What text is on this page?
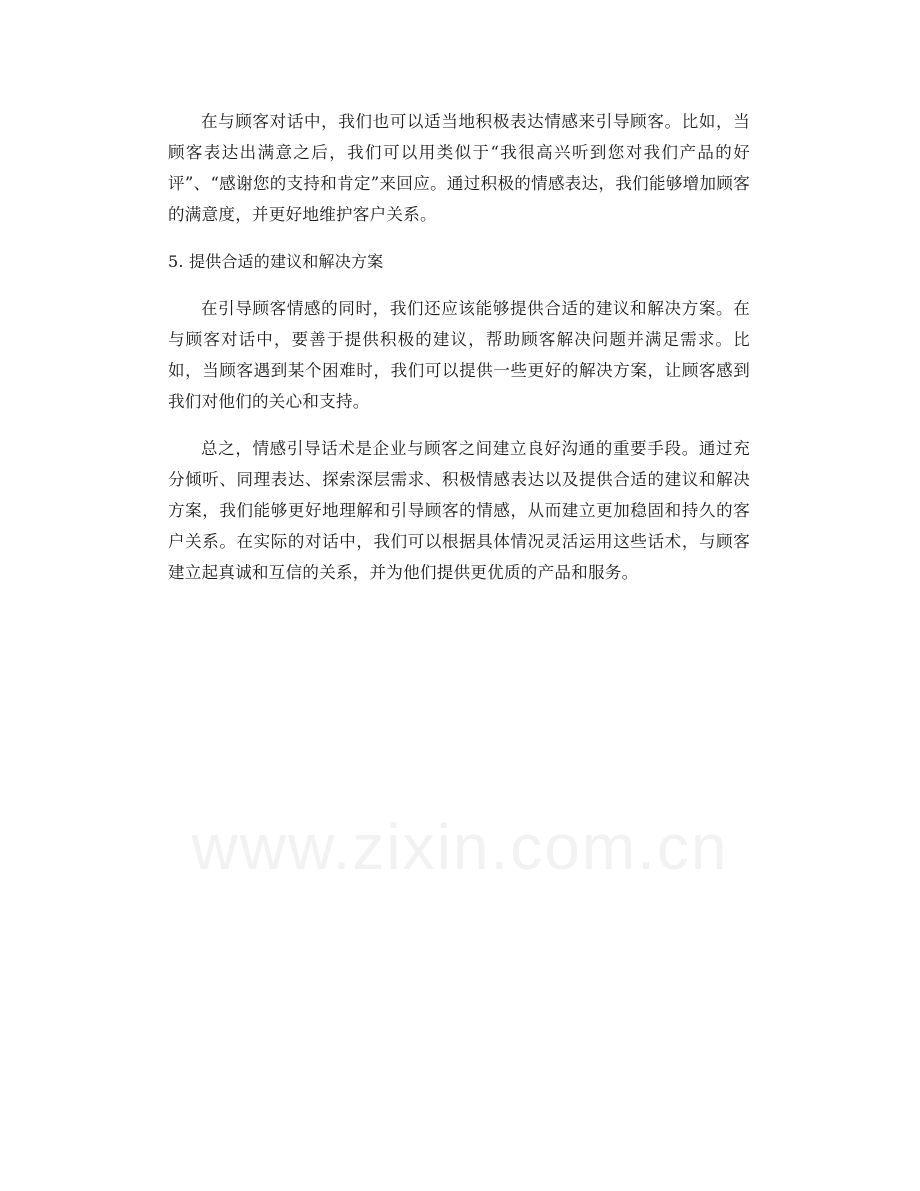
在与顾客对话中，我们也可以适当地积极表达情感来引导顾客。比如，当顾客表达出满意之后，我们可以用类似于“我很高兴听到您对我们产品的好评”、“感谢您的支持和肯定”来回应。通过积极的情感表达，我们能够增加顾客的满意度，并更好地维护客户关系。

5. 提供合适的建议和解决方案

在引导顾客情感的同时，我们还应该能够提供合适的建议和解决方案。在与顾客对话中，要善于提供积极的建议，帮助顾客解决问题并满足需求。比如，当顾客遇到某个困难时，我们可以提供一些更好的解决方案，让顾客感到我们对他们的关心和支持。

总之，情感引导话术是企业与顾客之间建立良好沟通的重要手段。通过充分倾听、同理表达、探索深层需求、积极情感表达以及提供合适的建议和解决方案，我们能够更好地理解和引导顾客的情感，从而建立更加稳固和持久的客户关系。在实际的对话中，我们可以根据具体情况灵活运用这些话术，与顾客建立起真诚和互信的关系，并为他们提供更优质的产品和服务。

www.zixin.com.cn
